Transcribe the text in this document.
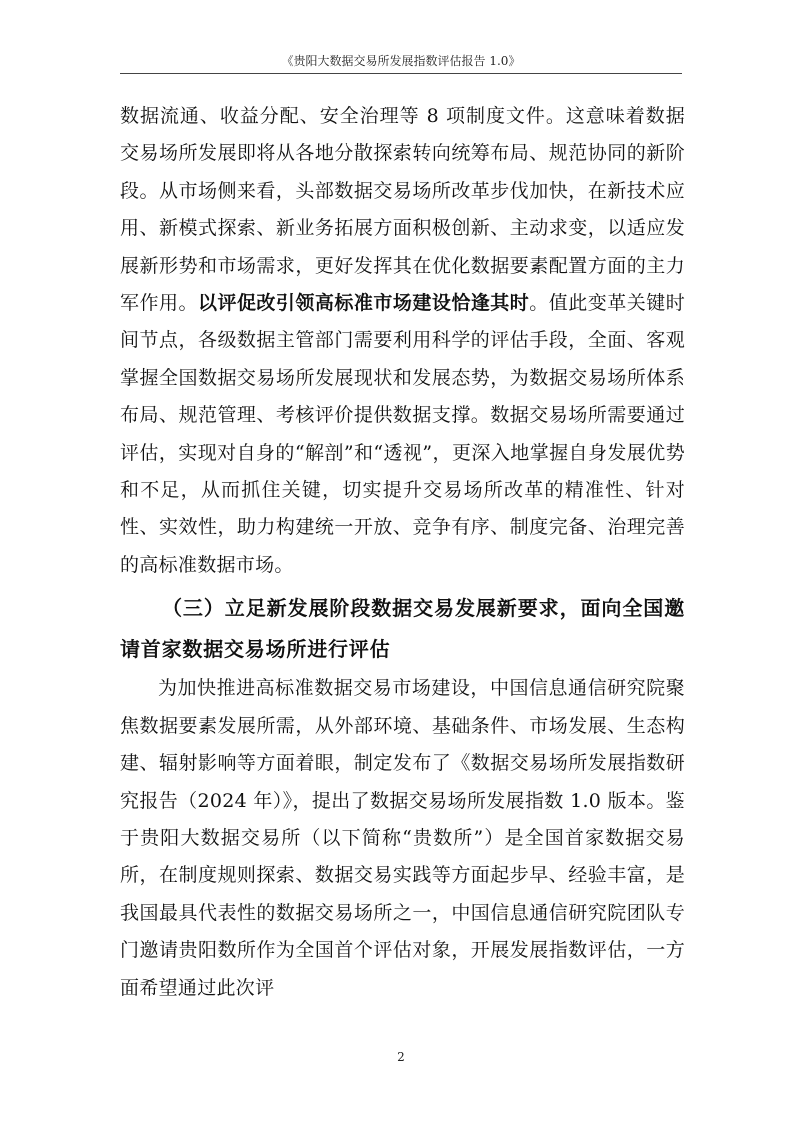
《贵阳大数据交易所发展指数评估报告 1.0》

数据流通、收益分配、安全治理等 8 项制度文件。这意味着数据交易场所发展即将从各地分散探索转向统筹布局、规范协同的新阶段。从市场侧来看，头部数据交易场所改革步伐加快，在新技术应用、新模式探索、新业务拓展方面积极创新、主动求变，以适应发展新形势和市场需求，更好发挥其在优化数据要素配置方面的主力军作用。以评促改引领高标准市场建设恰逢其时。值此变革关键时间节点，各级数据主管部门需要利用科学的评估手段，全面、客观掌握全国数据交易场所发展现状和发展态势，为数据交易场所体系布局、规范管理、考核评价提供数据支撑。数据交易场所需要通过评估，实现对自身的“解剖”和“透视”，更深入地掌握自身发展优势和不足，从而抓住关键，切实提升交易场所改革的精准性、针对性、实效性，助力构建统一开放、竞争有序、制度完备、治理完善的高标准数据市场。

（三）立足新发展阶段数据交易发展新要求，面向全国邀请首家数据交易场所进行评估

为加快推进高标准数据交易市场建设，中国信息通信研究院聚焦数据要素发展所需，从外部环境、基础条件、市场发展、生态构建、辐射影响等方面着眼，制定发布了《数据交易场所发展指数研究报告（2024 年）》，提出了数据交易场所发展指数 1.0 版本。鉴于贵阳大数据交易所（以下简称“贵数所”）是全国首家数据交易所，在制度规则探索、数据交易实践等方面起步早、经验丰富，是我国最具代表性的数据交易场所之一，中国信息通信研究院团队专门邀请贵阳数所作为全国首个评估对象，开展发展指数评估，一方面希望通过此次评

2
